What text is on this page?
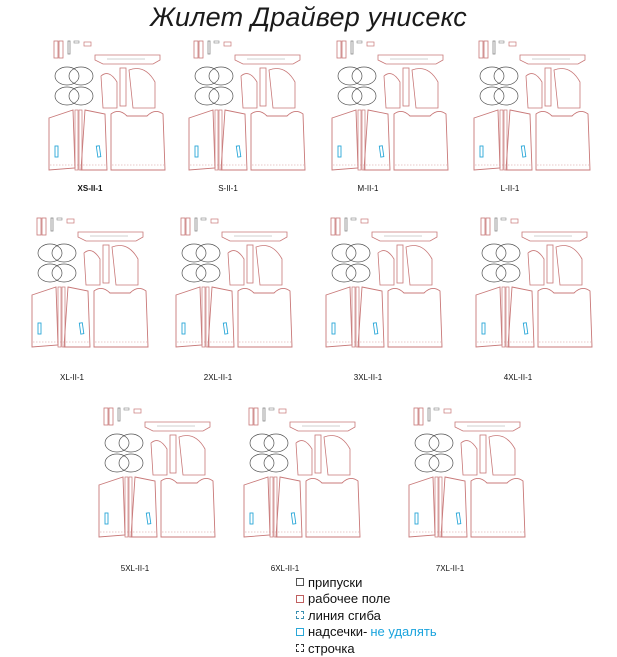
Жилет Драйвер унисекс
XS-II-1	S-II-1	M-II-1	L-II-1
XL-II-1	2XL-II-1	3XL-II-1	4XL-II-1
5XL-II-1	6XL-II-1	7XL-II-1
припуски
рабочее поле
линия сгиба
надсечки- не удалять
строчка
